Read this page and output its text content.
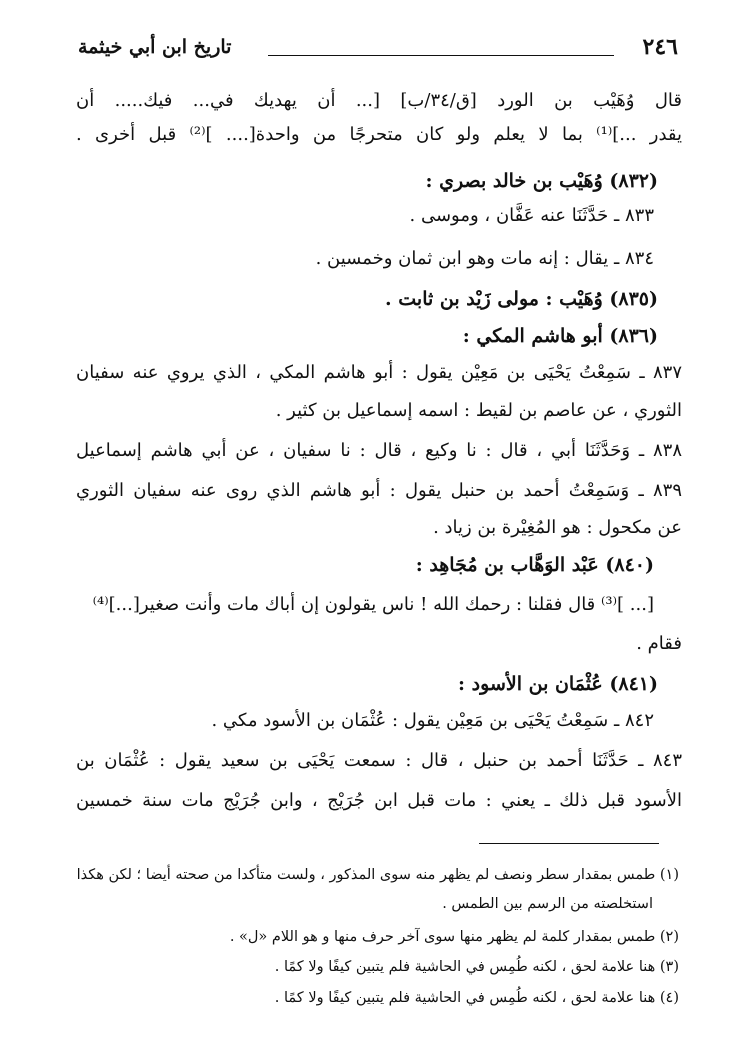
٢٤٦
تاريخ ابن أبي خيثمة
قال وُهَيْب بن الورد [ق/٣٤/ب] [... أن يهديك في... فيك..... أن
يقدر ...]⁽¹⁾ بما لا يعلم ولو كان متحرجًا من واحدة[.... ]⁽²⁾ قبل أخرى .
(٨٣٢) وُهَيْب بن خالد بصري :
٨٣٣ ـ حَدَّثَنَا عنه عَفَّان ، وموسى .
٨٣٤ ـ يقال : إنه مات وهو ابن ثمان وخمسين .
(٨٣٥) وُهَيْب : مولى زَيْد بن ثابت .
(٨٣٦) أبو هاشم المكي :
٨٣٧ ـ سَمِعْتُ يَحْيَى بن مَعِيْن يقول : أبو هاشم المكي ، الذي يروي عنه سفيان
الثوري ، عن عاصم بن لقيط : اسمه إسماعيل بن كثير .
٨٣٨ ـ وَحَدَّثَنَا أبي ، قال : نا وكيع ، قال : نا سفيان ، عن أبي هاشم إسماعيل
٨٣٩ ـ وَسَمِعْتُ أحمد بن حنبل يقول : أبو هاشم الذي روى عنه سفيان الثوري
عن مكحول : هو المُغِيْرة بن زياد .
(٨٤٠) عَبْد الوَهَّاب بن مُجَاهِد :
[... ]⁽³⁾ قال فقلنا : رحمك الله ! ناس يقولون إن أباك مات وأنت صغير[...]⁽⁴⁾
فقام .
(٨٤١) عُثْمَان بن الأسود :
٨٤٢ ـ سَمِعْتُ يَحْيَى بن مَعِيْن يقول : عُثْمَان بن الأسود مكي .
٨٤٣ ـ حَدَّثَنَا أحمد بن حنبل ، قال : سمعت يَحْيَى بن سعيد يقول : عُثْمَان بن
الأسود قبل ذلك ـ يعني : مات قبل ابن جُرَيْج ، وابن جُرَيْج مات سنة خمسين
(١) طمس بمقدار سطر ونصف لم يظهر منه سوى المذكور ، ولست متأكدا من صحته أيضا ؛ لكن هكذا
استخلصته من الرسم بين الطمس .
(٢) طمس بمقدار كلمة لم يظهر منها سوى آخر حرف منها و هو اللام «ل» .
(٣) هنا علامة لحق ، لكنه طُمِس في الحاشية فلم يتبين كيفًا ولا كمًا .
(٤) هنا علامة لحق ، لكنه طُمِس في الحاشية فلم يتبين كيفًا ولا كمًا .
